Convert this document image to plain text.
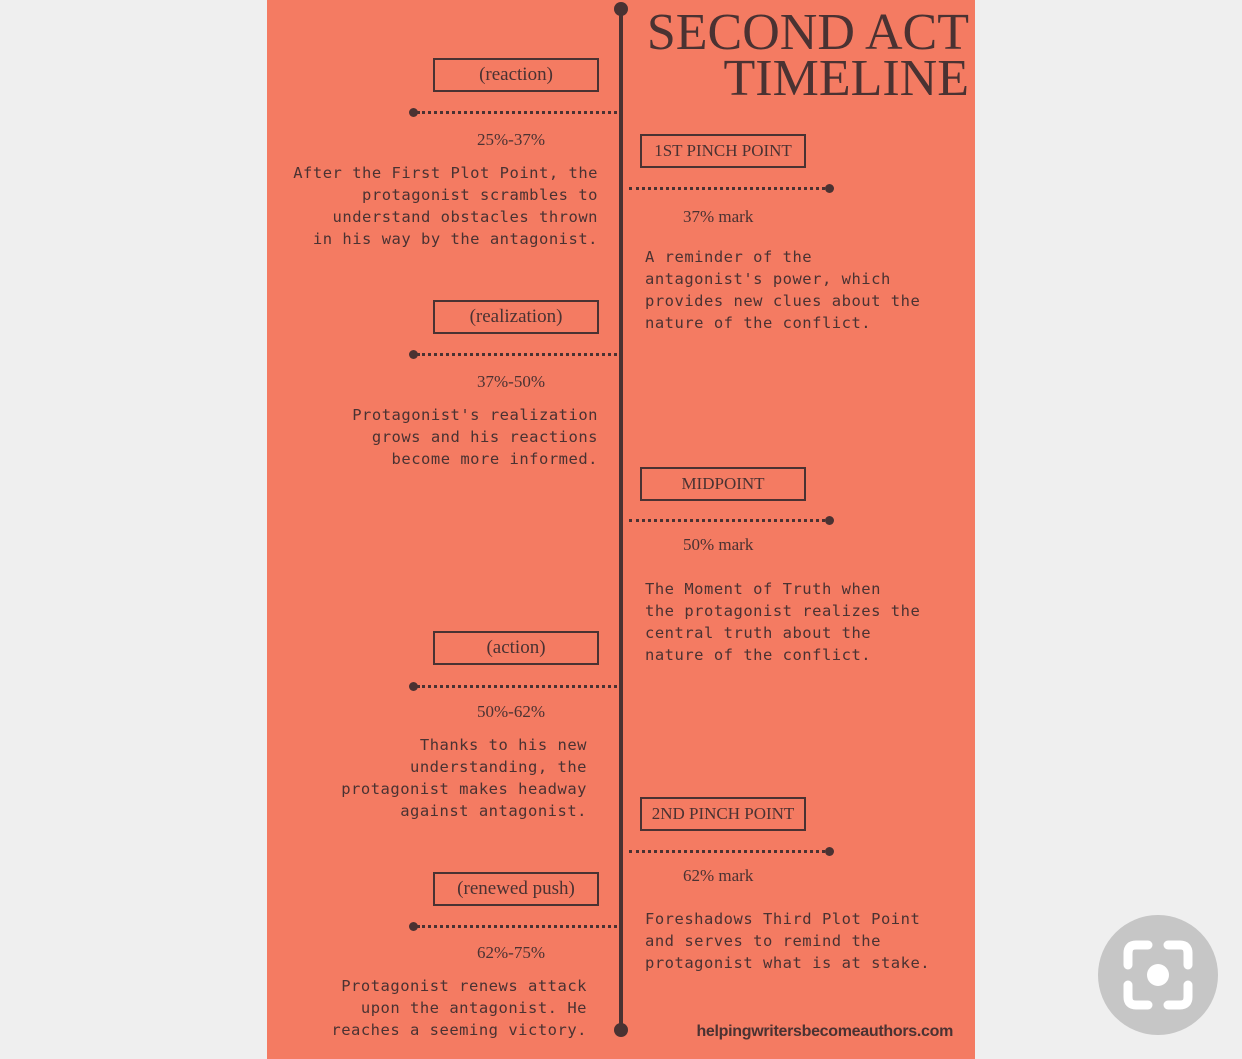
SECOND ACT
TIMELINE
(reaction)
25%-37%
After the First Plot Point, the
protagonist scrambles to
understand obstacles thrown
in his way by the antagonist.
(realization)
37%-50%
Protagonist's realization
grows and his reactions
become more informed.
(action)
50%-62%
Thanks to his new
understanding, the
protagonist makes headway
against antagonist.
(renewed push)
62%-75%
Protagonist renews attack
upon the antagonist. He
reaches a seeming victory.
1ST PINCH POINT
37% mark
A reminder of the
antagonist's power, which
provides new clues about the
nature of the conflict.
MIDPOINT
50% mark
The Moment of Truth when
the protagonist realizes the
central truth about the
nature of the conflict.
2ND PINCH POINT
62% mark
Foreshadows Third Plot Point
and serves to remind the
protagonist what is at stake.
helpingwritersbecomeauthors.com
